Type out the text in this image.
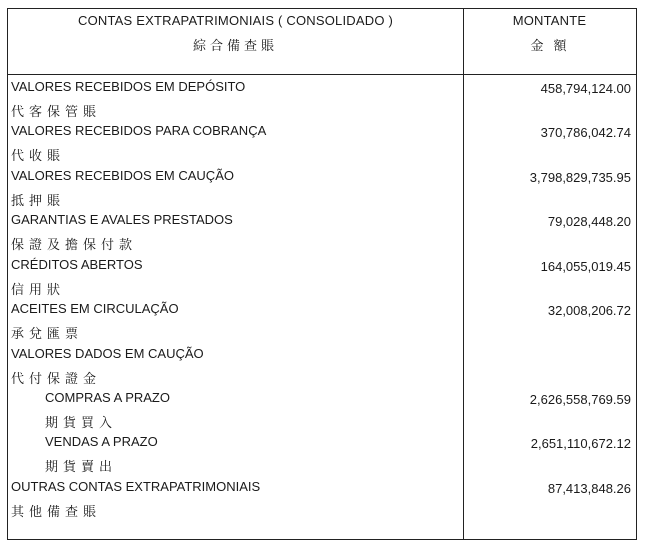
CONTAS EXTRAPATRIMONIAIS ( CONSOLIDADO )
綜合備查賬
MONTANTE
金額
VALORES RECEBIDOS EM DEPÓSITO
代客保管賬
458,794,124.00
VALORES RECEBIDOS PARA COBRANÇA
代收賬
370,786,042.74
VALORES RECEBIDOS EM CAUÇÃO
抵押賬
3,798,829,735.95
GARANTIAS E AVALES PRESTADOS
保證及擔保付款
79,028,448.20
CRÉDITOS ABERTOS
信用狀
164,055,019.45
ACEITES EM CIRCULAÇÃO
承兌匯票
32,008,206.72
VALORES DADOS EM CAUÇÃO
代付保證金
COMPRAS A PRAZO
期貨買入
2,626,558,769.59
VENDAS A PRAZO
期貨賣出
2,651,110,672.12
OUTRAS CONTAS EXTRAPATRIMONIAIS
其他備查賬
87,413,848.26
